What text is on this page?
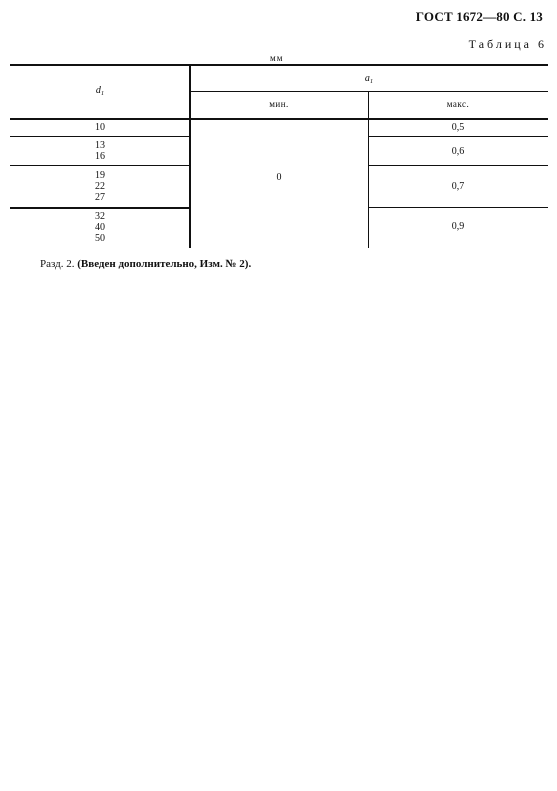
ГОСТ 1672—80 С. 13
Таблица 6
мм
$d_1$
$a_1$
мин.	макс.
10
13
16
19
22
27
32
40
50
0
0,5
0,6
0,7
0,9
Разд. 2. (Введен дополнительно, Изм. № 2).
